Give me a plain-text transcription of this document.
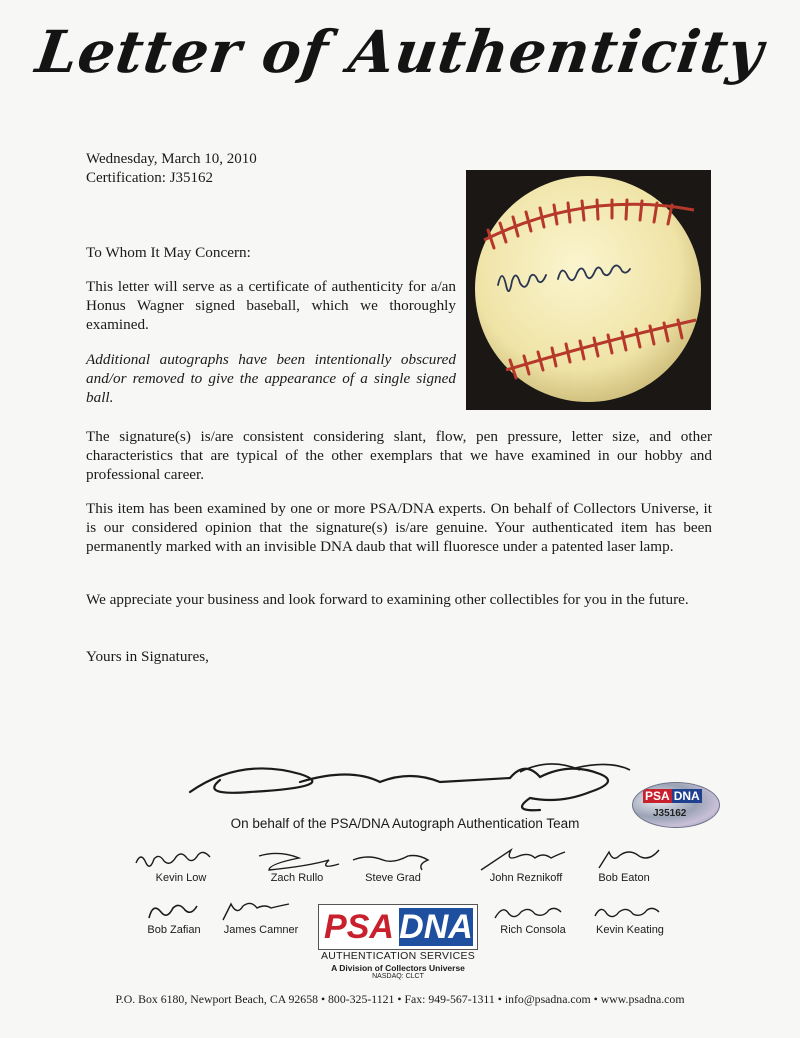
Letter of Authenticity
Wednesday, March 10, 2010
Certification: J35162
To Whom It May Concern:
This letter will serve as a certificate of authenticity for a/an Honus Wagner signed baseball, which we thoroughly examined.
Additional autographs have been intentionally obscured and/or removed to give the appearance of a single signed ball.
The signature(s) is/are consistent considering slant, flow, pen pressure, letter size, and other characteristics that are typical of the other exemplars that we have examined in our hobby and professional career.
This item has been examined by one or more PSA/DNA experts. On behalf of Collectors Universe, it is our considered opinion that the signature(s) is/are genuine. Your authenticated item has been permanently marked with an invisible DNA daub that will fluoresce under a patented laser lamp.
We appreciate your business and look forward to examining other collectibles for you in the future.
Yours in Signatures,
On behalf of the PSA/DNA Autograph Authentication Team
PSA DNA
J35162
Kevin Low	Zach Rullo	Steve Grad	John Reznikoff	Bob Eaton
Bob Zafian	James Camner	Rich Consola	Kevin Keating
PSA DNA
AUTHENTICATION SERVICES
A Division of Collectors Universe
NASDAQ: CLCT
P.O. Box 6180, Newport Beach, CA 92658 • 800-325-1121 • Fax: 949-567-1311 • info@psadna.com • www.psadna.com
